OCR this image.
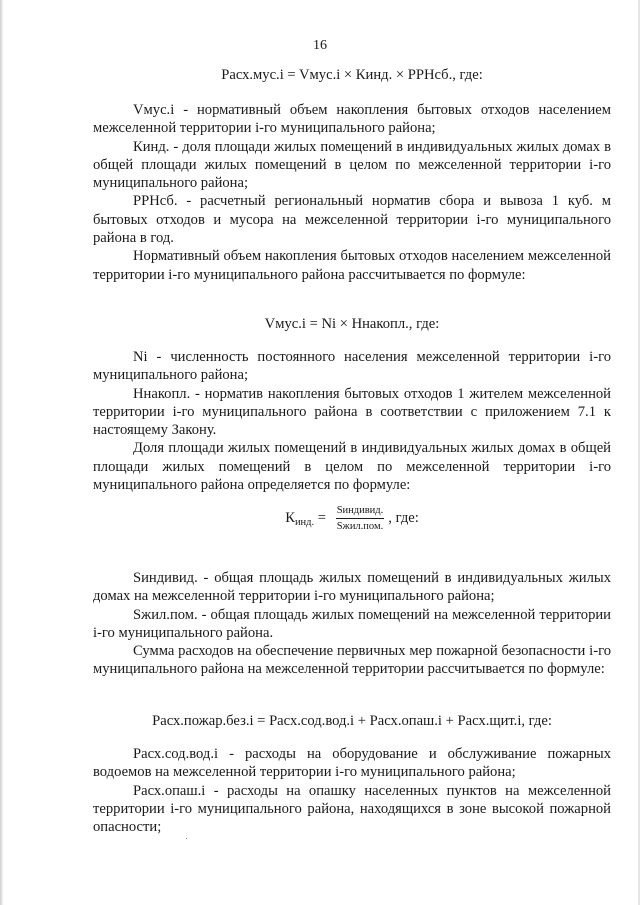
16
Расх.мус.i = Vмус.i × Кинд. × РРНсб., где:
Vмус.i - нормативный объем накопления бытовых отходов населением межселенной территории i-го муниципального района;
Кинд. - доля площади жилых помещений в индивидуальных жилых домах в общей площади жилых помещений в целом по межселенной территории i-го муниципального района;
РРНсб. - расчетный региональный норматив сбора и вывоза 1 куб. м бытовых отходов и мусора на межселенной территории i-го муниципального района в год.
Нормативный объем накопления бытовых отходов населением межселенной территории i-го муниципального района рассчитывается по формуле:
Vмус.i = Ni × Ннакопл., где:
Ni - численность постоянного населения межселенной территории i-го муниципального района;
Ннакопл. - норматив накопления бытовых отходов 1 жителем межселенной территории i-го муниципального района в соответствии с приложением 7.1 к настоящему Закону.
Доля площади жилых помещений в индивидуальных жилых домах в общей площади жилых помещений в целом по межселенной территории i-го муниципального района определяется по формуле:
К инд. = $\frac{\text{Sиндивид.}}{\text{Sжил.пом.}}$ , где:
Sиндивид. - общая площадь жилых помещений в индивидуальных жилых домах на межселенной территории i-го муниципального района;
Sжил.пом. - общая площадь жилых помещений на межселенной территории i-го муниципального района.
Сумма расходов на обеспечение первичных мер пожарной безопасности i-го муниципального района на межселенной территории рассчитывается по формуле:
Расх.пожар.без.i = Расх.сод.вод.i + Расх.опаш.i + Расх.щит.i, где:
Расх.сод.вод.i - расходы на оборудование и обслуживание пожарных водоемов на межселенной территории i-го муниципального района;
Расх.опаш.i - расходы на опашку населенных пунктов на межселенной территории i-го муниципального района, находящихся в зоне высокой пожарной опасности;
